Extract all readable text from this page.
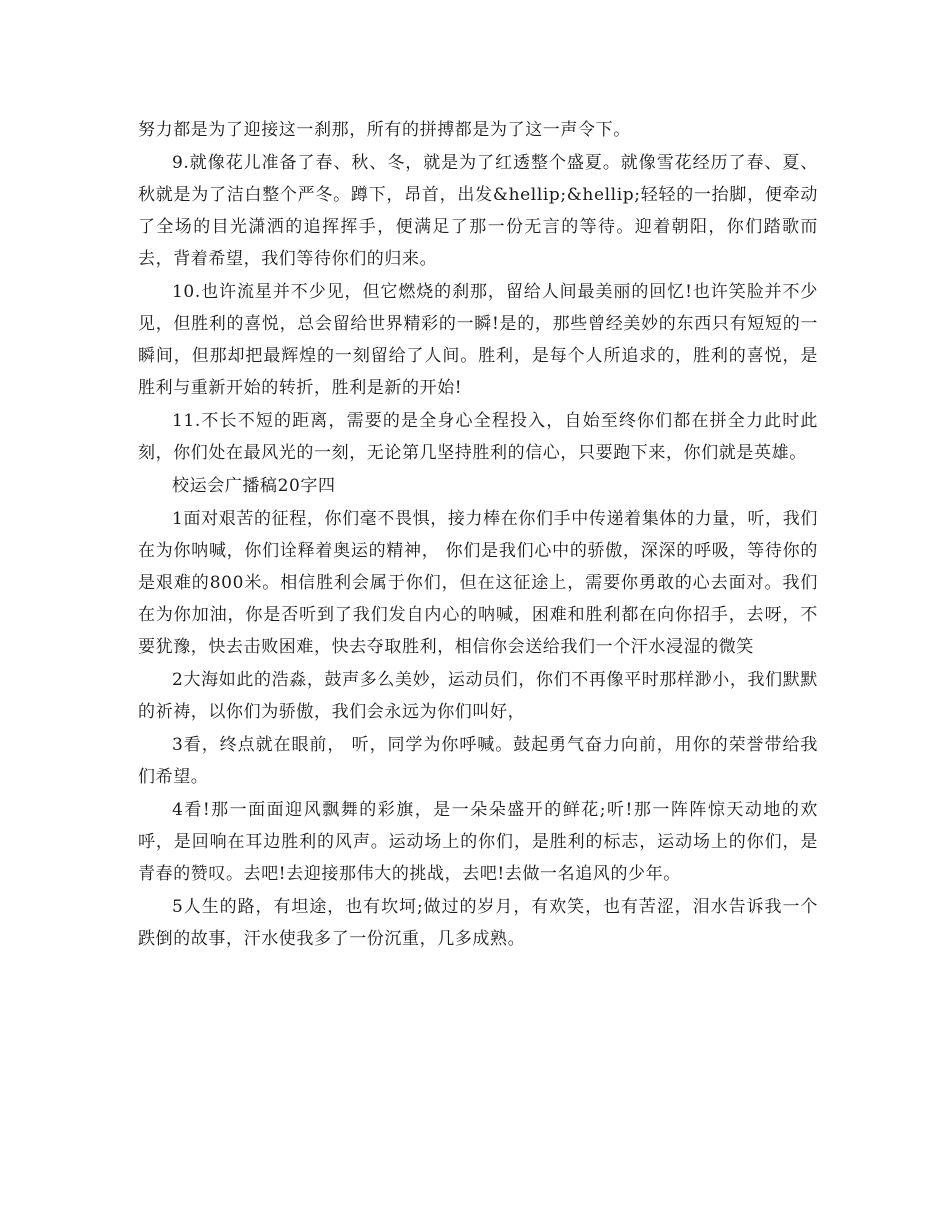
努力都是为了迎接这一刹那，所有的拼搏都是为了这一声令下。

9.就像花儿准备了春、秋、冬，就是为了红透整个盛夏。就像雪花经历了春、夏、秋就是为了洁白整个严冬。蹲下，昂首，出发&hellip;&hellip;轻轻的一抬脚，便牵动了全场的目光潇洒的追挥挥手，便满足了那一份无言的等待。迎着朝阳，你们踏歌而去，背着希望，我们等待你们的归来。

10.也许流星并不少见，但它燃烧的刹那，留给人间最美丽的回忆!也许笑脸并不少见，但胜利的喜悦，总会留给世界精彩的一瞬!是的，那些曾经美妙的东西只有短短的一瞬间，但那却把最辉煌的一刻留给了人间。胜利，是每个人所追求的，胜利的喜悦，是胜利与重新开始的转折，胜利是新的开始!

11.不长不短的距离，需要的是全身心全程投入，自始至终你们都在拼全力此时此刻，你们处在最风光的一刻，无论第几坚持胜利的信心，只要跑下来，你们就是英雄。

校运会广播稿20字四

1面对艰苦的征程，你们毫不畏惧，接力棒在你们手中传递着集体的力量，听，我们在为你呐喊，你们诠释着奥运的精神， 你们是我们心中的骄傲，深深的呼吸，等待你的是艰难的800米。相信胜利会属于你们，但在这征途上，需要你勇敢的心去面对。我们在为你加油，你是否听到了我们发自内心的呐喊，困难和胜利都在向你招手，去呀，不要犹豫，快去击败困难，快去夺取胜利，相信你会送给我们一个汗水浸湿的微笑

2大海如此的浩淼，鼓声多么美妙，运动员们，你们不再像平时那样渺小，我们默默的祈祷，以你们为骄傲，我们会永远为你们叫好，

3看，终点就在眼前， 听，同学为你呼喊。鼓起勇气奋力向前，用你的荣誉带给我们希望。

4看!那一面面迎风飘舞的彩旗，是一朵朵盛开的鲜花;听!那一阵阵惊天动地的欢呼，是回响在耳边胜利的风声。运动场上的你们，是胜利的标志，运动场上的你们，是青春的赞叹。去吧!去迎接那伟大的挑战，去吧!去做一名追风的少年。

5人生的路，有坦途，也有坎坷;做过的岁月，有欢笑，也有苦涩，泪水告诉我一个跌倒的故事，汗水使我多了一份沉重，几多成熟。
